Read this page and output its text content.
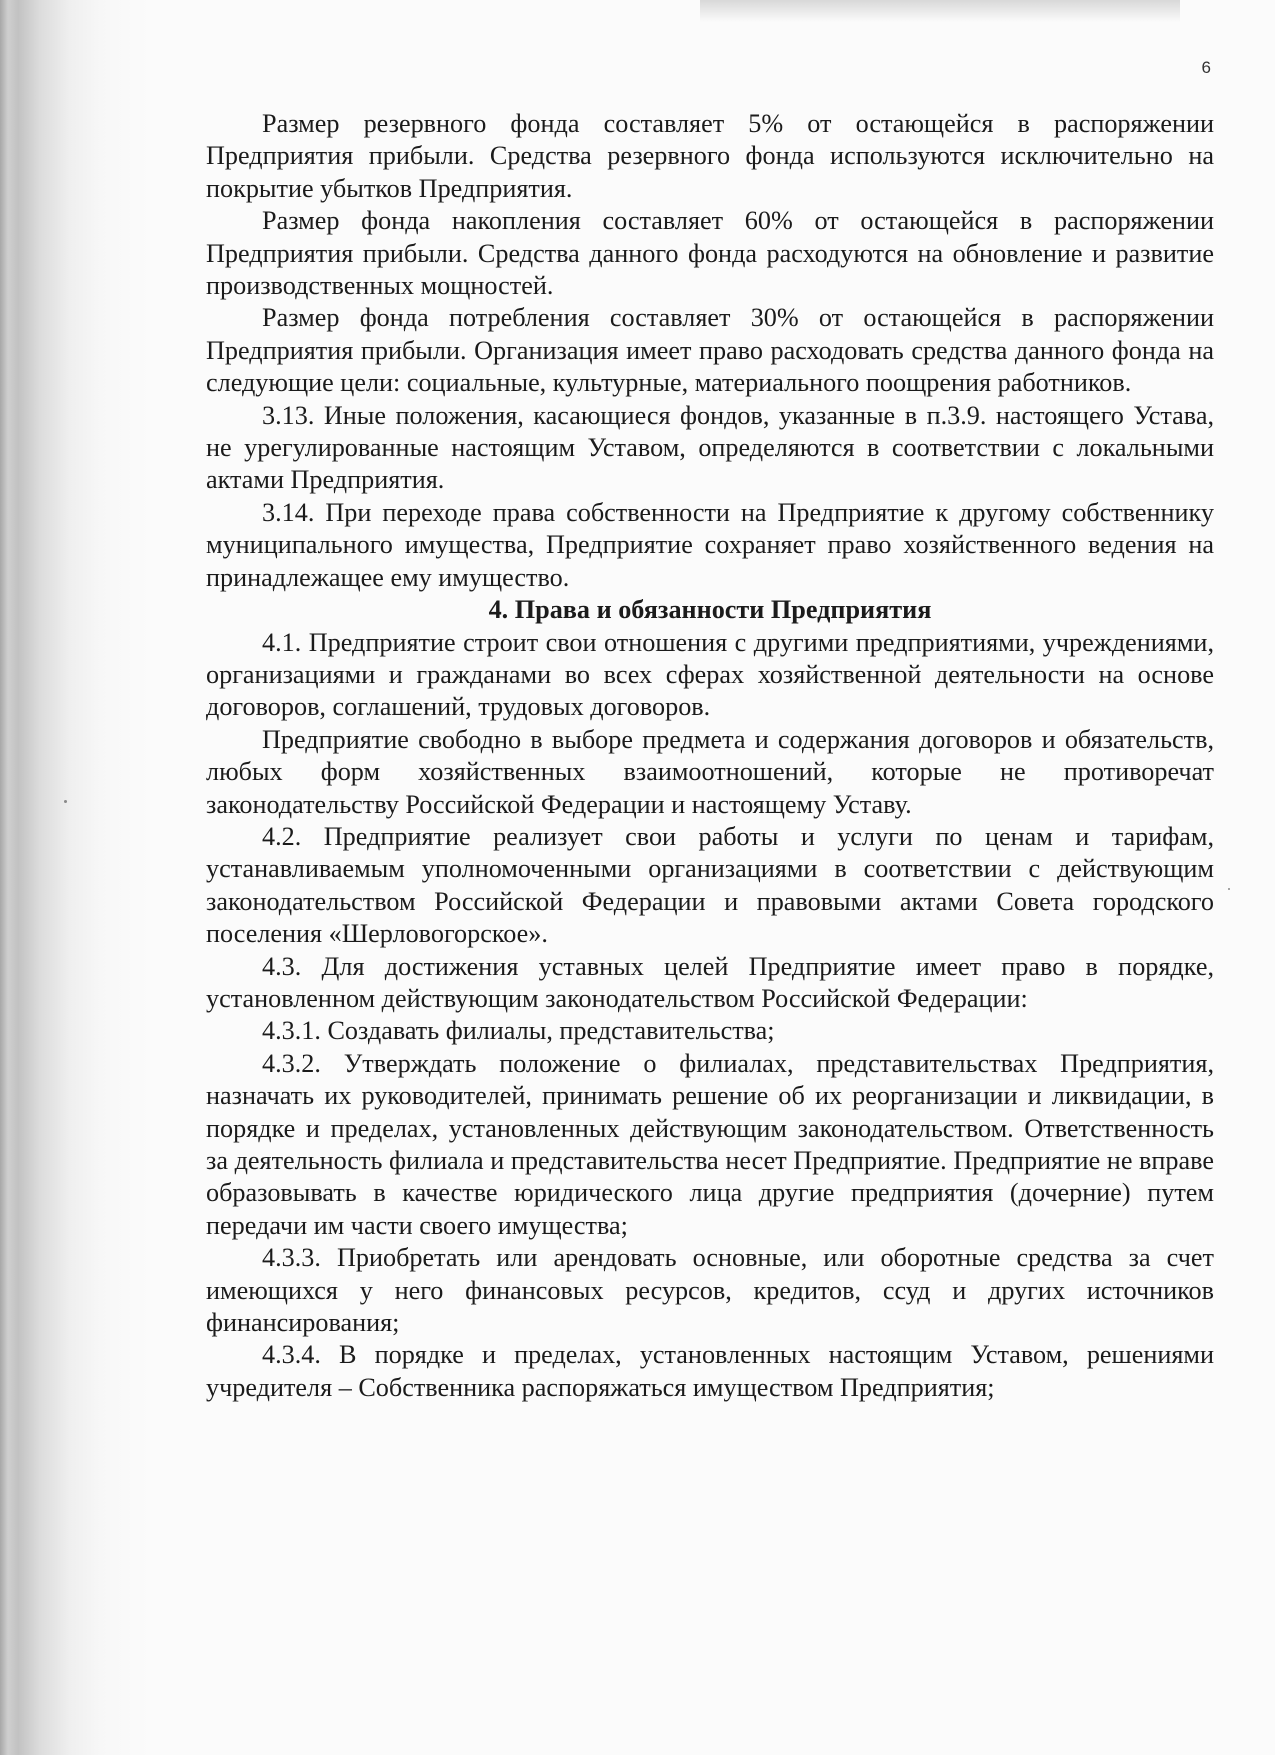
6

Размер резервного фонда составляет 5% от остающейся в распоряжении Предприятия прибыли. Средства резервного фонда используются исключительно на покрытие убытков Предприятия.

Размер фонда накопления составляет 60% от остающейся в распоряжении Предприятия прибыли. Средства данного фонда расходуются на обновление и развитие производственных мощностей.

Размер фонда потребления составляет 30% от остающейся в распоряжении Предприятия прибыли. Организация имеет право расходовать средства данного фонда на следующие цели: социальные, культурные, материального поощрения работников.

3.13. Иные положения, касающиеся фондов, указанные в п.3.9. настоящего Устава, не урегулированные настоящим Уставом, определяются в соответствии с локальными актами Предприятия.

3.14. При переходе права собственности на Предприятие к другому собственнику муниципального имущества, Предприятие сохраняет право хозяйственного ведения на принадлежащее ему имущество.

4. Права и обязанности Предприятия

4.1. Предприятие строит свои отношения с другими предприятиями, учреждениями, организациями и гражданами во всех сферах хозяйственной деятельности на основе договоров, соглашений, трудовых договоров.

Предприятие свободно в выборе предмета и содержания договоров и обязательств, любых форм хозяйственных взаимоотношений, которые не противоречат законодательству Российской Федерации и настоящему Уставу.

4.2. Предприятие реализует свои работы и услуги по ценам и тарифам, устанавливаемым уполномоченными организациями в соответствии с действующим законодательством Российской Федерации и правовыми актами Совета городского поселения «Шерловогорское».

4.3. Для достижения уставных целей Предприятие имеет право в порядке, установленном действующим законодательством Российской Федерации:

4.3.1. Создавать филиалы, представительства;

4.3.2. Утверждать положение о филиалах, представительствах Предприятия, назначать их руководителей, принимать решение об их реорганизации и ликвидации, в порядке и пределах, установленных действующим законодательством. Ответственность за деятельность филиала и представительства несет Предприятие. Предприятие не вправе образовывать в качестве юридического лица другие предприятия (дочерние) путем передачи им части своего имущества;

4.3.3. Приобретать или арендовать основные, или оборотные средства за счет имеющихся у него финансовых ресурсов, кредитов, ссуд и других источников финансирования;

4.3.4. В порядке и пределах, установленных настоящим Уставом, решениями учредителя – Собственника распоряжаться имуществом Предприятия;
